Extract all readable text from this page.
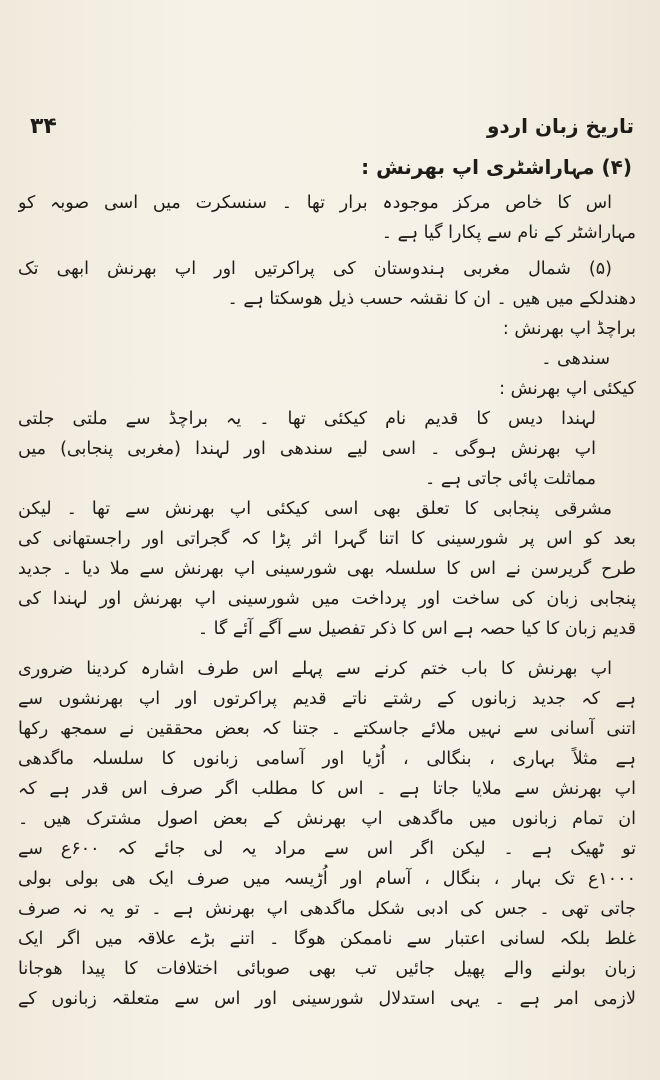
۳۴	تاریخ زبان اردو
(۴) مہاراشٹری اپ بھرنش :
اس کا خاص مرکز موجودہ برار تھا ۔ سنسکرت میں اسی صوبہ کو
مہاراشٹر کے نام سے پکارا گیا ہے ۔
(۵) شمال مغربی ہندوستان کی پراکرتیں اور اپ بھرنش ابھی تک
دھندلکے میں ھیں ۔ ان کا نقشہ حسب ذیل ھوسکتا ہے ۔
براچڈ اپ بھرنش :
سندھی ۔
کیکئی اپ بھرنش :
لہندا دیس کا قدیم نام کیکئی تھا ۔ یہ براچڈ سے ملتی جلتی
اپ بھرنش ہوگی ۔ اسی لیے سندھی اور لہندا (مغربی پنجابی) میں
مماثلت پائی جاتی ہے ۔
مشرقی پنجابی کا تعلق بھی اسی کیکئی اپ بھرنش سے تھا ۔ لیکن
بعد کو اس پر شورسینی کا اتنا گہرا اثر پڑا کہ گجراتی اور راجستھانی کی
طرح گریرسن نے اس کا سلسلہ بھی شورسینی اپ بھرنش سے ملا دیا ۔ جدید
پنجابی زبان کی ساخت اور پرداخت میں شورسینی اپ بھرنش اور لہندا کی
قدیم زبان کا کیا حصہ ہے اس کا ذکر تفصیل سے آگے آئے گا ۔
اپ بھرنش کا باب ختم کرنے سے پہلے اس طرف اشارہ کردینا ضروری
ہے کہ جدید زبانوں کے رشتے ناتے قدیم پراکرتوں اور اپ بھرنشوں سے
اتنی آسانی سے نہیں ملائے جاسکتے ۔ جتنا کہ بعض محققین نے سمجھ رکھا
ہے مثلاً بہاری ، بنگالی ، اُڑیا اور آسامی زبانوں کا سلسلہ ماگدھی
اپ بھرنش سے ملایا جاتا ہے ۔ اس کا مطلب اگر صرف اس قدر ہے کہ
ان تمام زبانوں میں ماگدھی اپ بھرنش کے بعض اصول مشترک ھیں ۔
تو ٹھیک ہے ۔ لیکن اگر اس سے مراد یہ لی جائے کہ ۶۰۰ع سے
۱۰۰۰ع تک بہار ، بنگال ، آسام اور اُڑیسہ میں صرف ایک ھی بولی بولی
جاتی تھی ۔ جس کی ادبی شکل ماگدھی اپ بھرنش ہے ۔ تو یہ نہ صرف
غلط بلکہ لسانی اعتبار سے ناممکن ھوگا ۔ اتنے بڑے علاقہ میں اگر ایک
زبان بولنے والے پھیل جائیں تب بھی صوبائی اختلافات کا پیدا ھوجانا
لازمی امر ہے ۔ یہی استدلال شورسینی اور اس سے متعلقہ زبانوں کے
